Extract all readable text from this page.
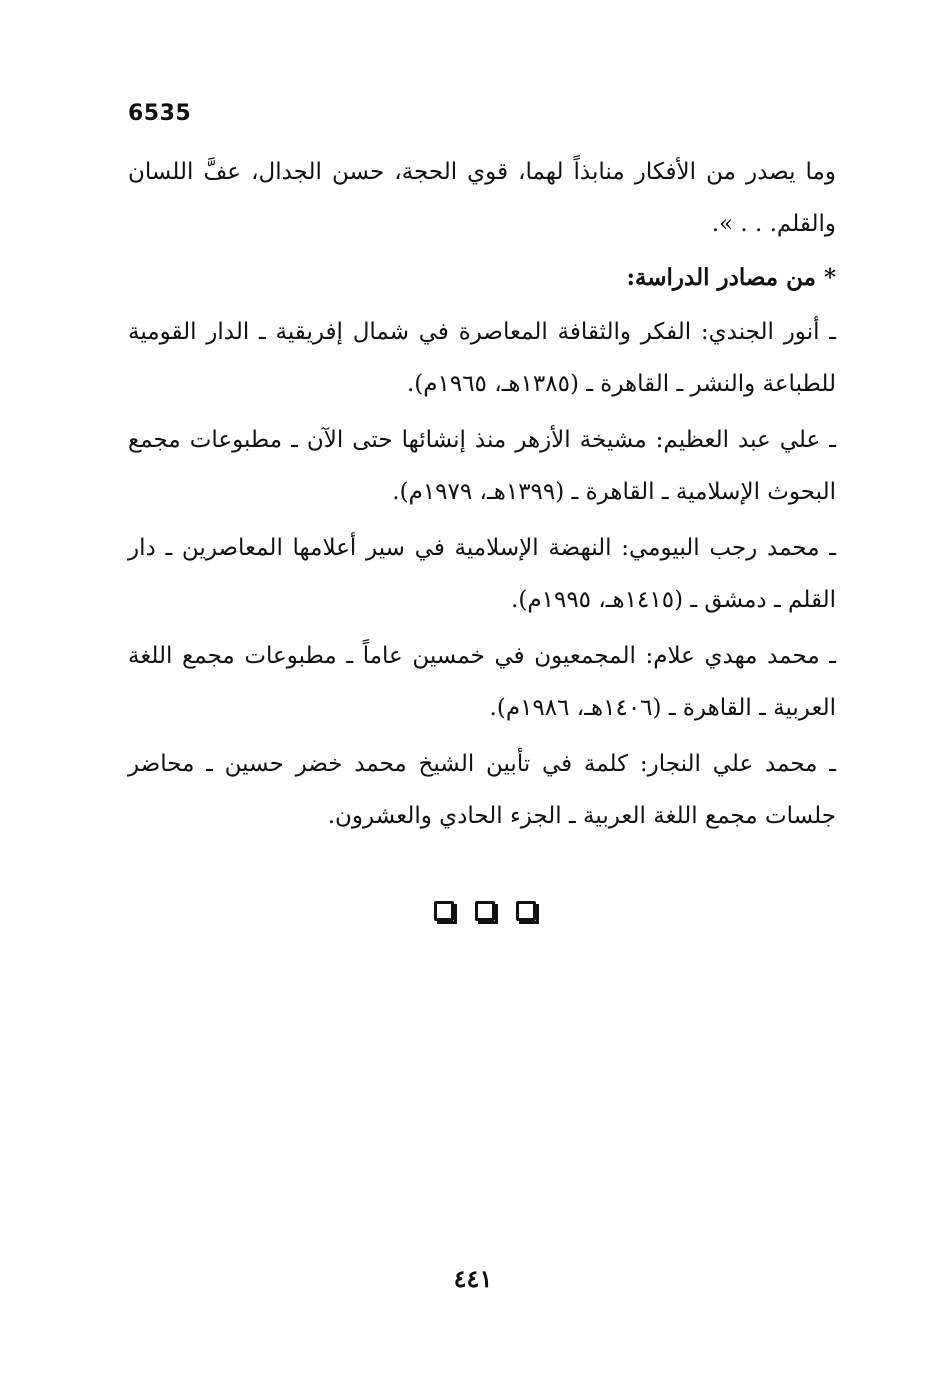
6535

وما يصدر من الأفكار منابذاً لهما، قوي الحجة، حسن الجدال، عفَّ اللسان والقلم. . . ».

* من مصادر الدراسة:

ـ أنور الجندي: الفكر والثقافة المعاصرة في شمال إفريقية ـ الدار القومية للطباعة والنشر ـ القاهرة ـ (١٣٨٥هـ، ١٩٦٥م).

ـ علي عبد العظيم: مشيخة الأزهر منذ إنشائها حتى الآن ـ مطبوعات مجمع البحوث الإسلامية ـ القاهرة ـ (١٣٩٩هـ، ١٩٧٩م).

ـ محمد رجب البيومي: النهضة الإسلامية في سير أعلامها المعاصرين ـ دار القلم ـ دمشق ـ (١٤١٥هـ، ١٩٩٥م).

ـ محمد مهدي علام: المجمعيون في خمسين عاماً ـ مطبوعات مجمع اللغة العربية ـ القاهرة ـ (١٤٠٦هـ، ١٩٨٦م).

ـ محمد علي النجار: كلمة في تأبين الشيخ محمد خضر حسين ـ محاضر جلسات مجمع اللغة العربية ـ الجزء الحادي والعشرون.

٤٤١
